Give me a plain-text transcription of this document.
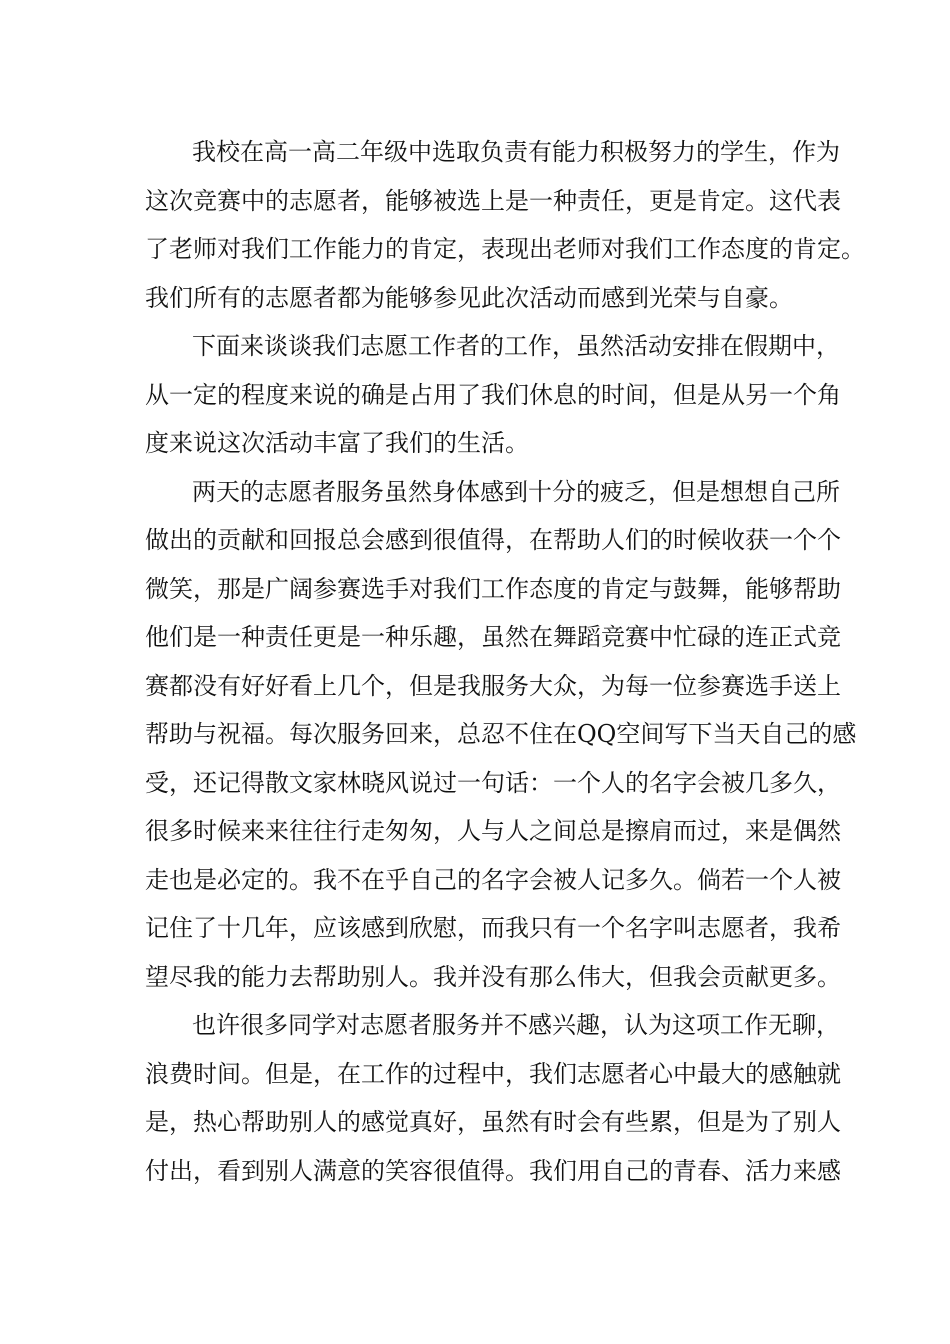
我校在高一高二年级中选取负责有能力积极努力的学生，作为
这次竞赛中的志愿者，能够被选上是一种责任，更是肯定。这代表
了老师对我们工作能力的肯定，表现出老师对我们工作态度的肯定。
我们所有的志愿者都为能够参见此次活动而感到光荣与自豪。
下面来谈谈我们志愿工作者的工作，虽然活动安排在假期中，
从一定的程度来说的确是占用了我们休息的时间，但是从另一个角
度来说这次活动丰富了我们的生活。
两天的志愿者服务虽然身体感到十分的疲乏，但是想想自己所
做出的贡献和回报总会感到很值得，在帮助人们的时候收获一个个
微笑，那是广阔参赛选手对我们工作态度的肯定与鼓舞，能够帮助
他们是一种责任更是一种乐趣，虽然在舞蹈竞赛中忙碌的连正式竞
赛都没有好好看上几个，但是我服务大众，为每一位参赛选手送上
帮助与祝福。每次服务回来，总忍不住在QQ空间写下当天自己的感
受，还记得散文家林晓风说过一句话：一个人的名字会被几多久，
很多时候来来往往行走匆匆，人与人之间总是擦肩而过，来是偶然
走也是必定的。我不在乎自己的名字会被人记多久。倘若一个人被
记住了十几年，应该感到欣慰，而我只有一个名字叫志愿者，我希
望尽我的能力去帮助别人。我并没有那么伟大，但我会贡献更多。
也许很多同学对志愿者服务并不感兴趣，认为这项工作无聊，
浪费时间。但是，在工作的过程中，我们志愿者心中最大的感触就
是，热心帮助别人的感觉真好，虽然有时会有些累，但是为了别人
付出，看到别人满意的笑容很值得。我们用自己的青春、活力来感
